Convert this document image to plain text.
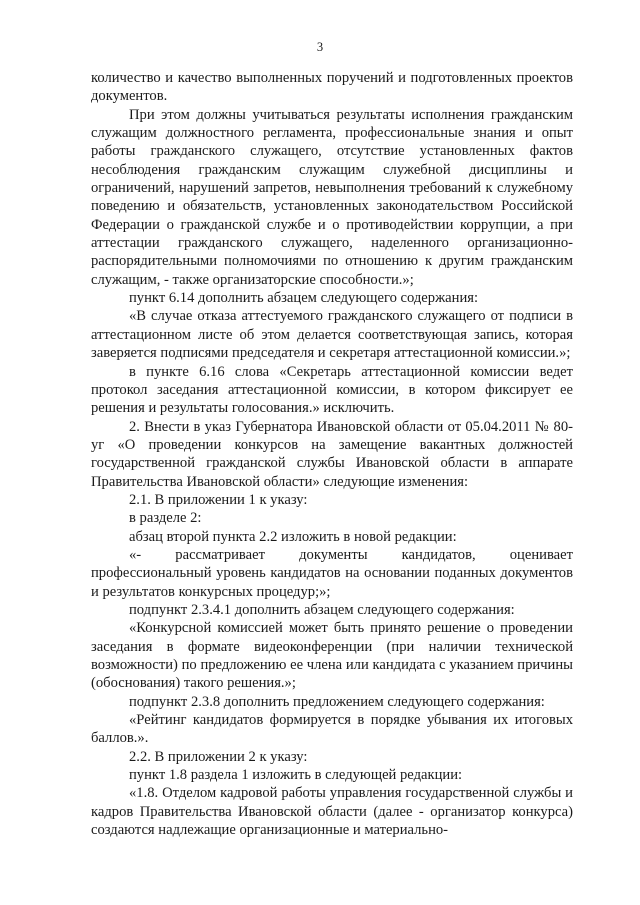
3

количество и качество выполненных поручений и подготовленных проектов документов.

При этом должны учитываться результаты исполнения гражданским служащим должностного регламента, профессиональные знания и опыт работы гражданского служащего, отсутствие установленных фактов несоблюдения гражданским служащим служебной дисциплины и ограничений, нарушений запретов, невыполнения требований к служебному поведению и обязательств, установленных законодательством Российской Федерации о гражданской службе и о противодействии коррупции, а при аттестации гражданского служащего, наделенного организационно-распорядительными полномочиями по отношению к другим гражданским служащим, - также организаторские способности.»;

пункт 6.14 дополнить абзацем следующего содержания:

«В случае отказа аттестуемого гражданского служащего от подписи в аттестационном листе об этом делается соответствующая запись, которая заверяется подписями председателя и секретаря аттестационной комиссии.»;

в пункте 6.16 слова «Секретарь аттестационной комиссии ведет протокол заседания аттестационной комиссии, в котором фиксирует ее решения и результаты голосования.» исключить.

2. Внести в указ Губернатора Ивановской области от 05.04.2011 № 80-уг «О проведении конкурсов на замещение вакантных должностей государственной гражданской службы Ивановской области в аппарате Правительства Ивановской области» следующие изменения:

2.1. В приложении 1 к указу:

в разделе 2:

абзац второй пункта 2.2 изложить в новой редакции:

«- рассматривает документы кандидатов, оценивает профессиональный уровень кандидатов на основании поданных документов и результатов конкурсных процедур;»;

подпункт 2.3.4.1 дополнить абзацем следующего содержания:

«Конкурсной комиссией может быть принято решение о проведении заседания в формате видеоконференции (при наличии технической возможности) по предложению ее члена или кандидата с указанием причины (обоснования) такого решения.»;

подпункт 2.3.8 дополнить предложением следующего содержания:

«Рейтинг кандидатов формируется в порядке убывания их итоговых баллов.».

2.2. В приложении 2 к указу:

пункт 1.8 раздела 1 изложить в следующей редакции:

«1.8. Отделом кадровой работы управления государственной службы и кадров Правительства Ивановской области (далее - организатор конкурса) создаются надлежащие организационные и материально-
